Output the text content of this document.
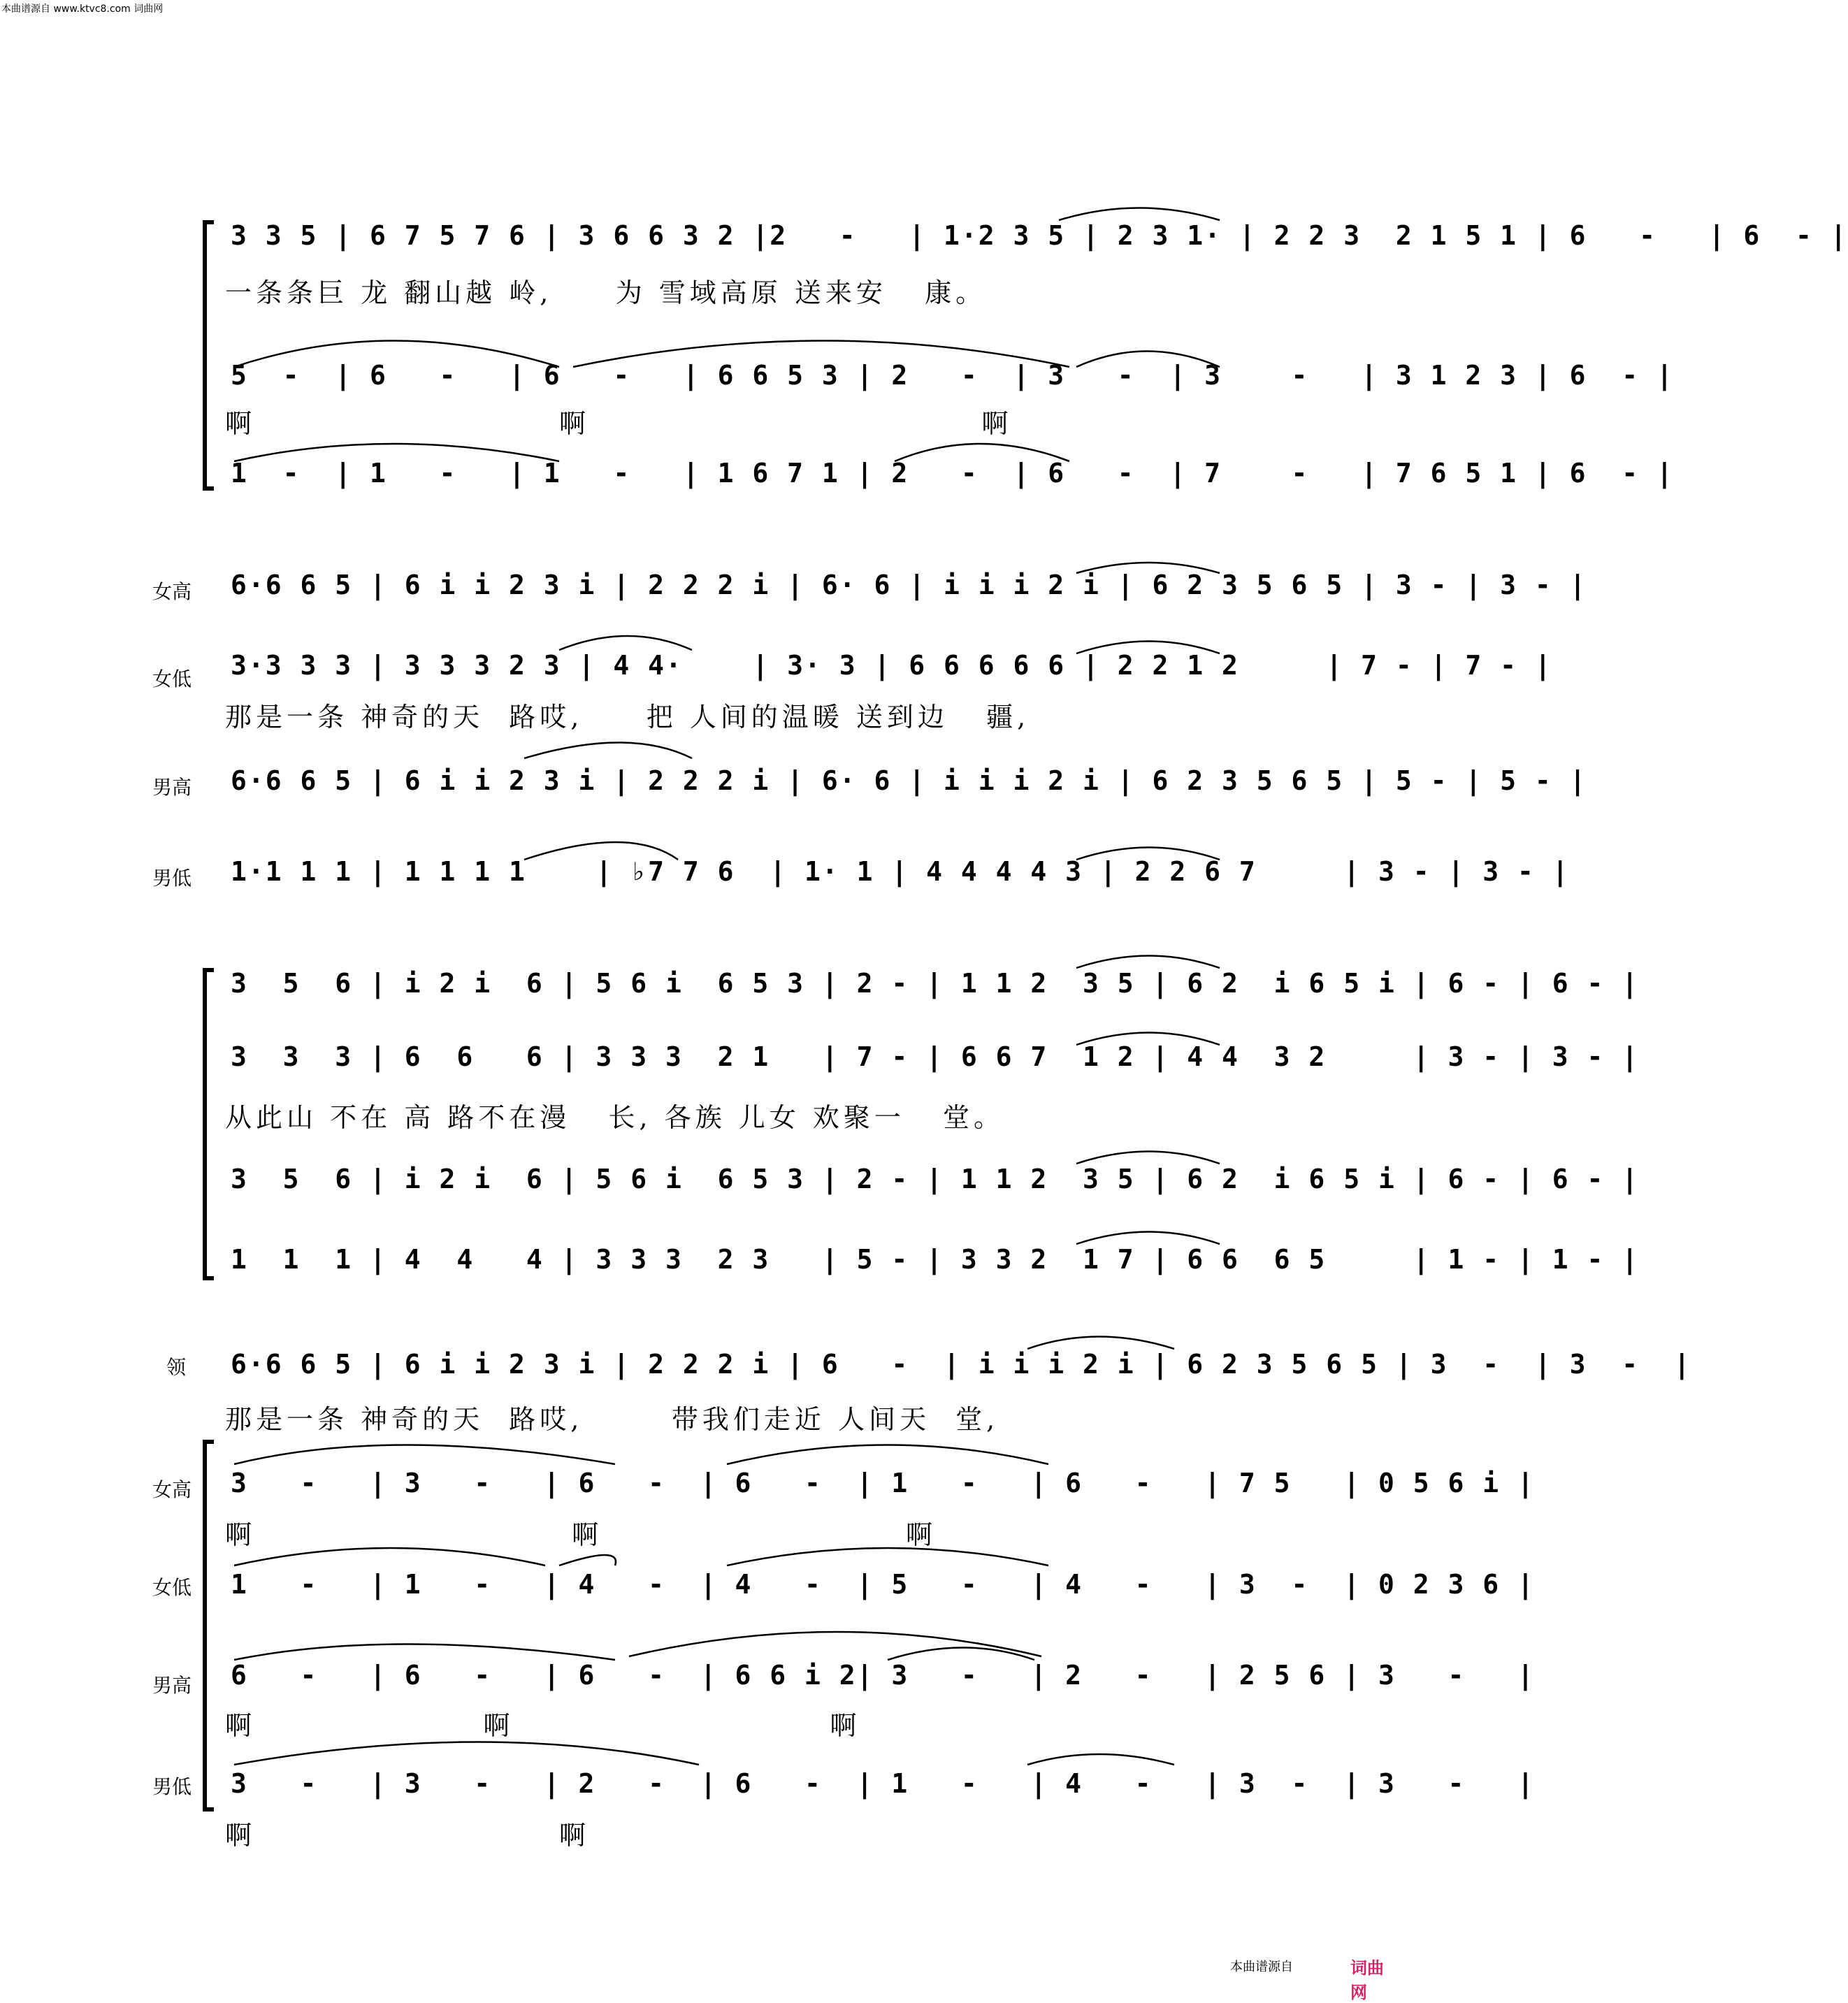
本曲谱源自 www.ktvc8.com 词曲网
3 3 5 | 6 7 5 7 6 | 3 6 6 3 2 |2   -   | 1·2 3 5 | 2 3 1· | 2 2 3  2 1 5 1 | 6   -   | 6  - |
一条条巨 龙 翻山越 岭,     为 雪域高原 送来安   康。
5  -  | 6   -   | 6   -   | 6 6 5 3 | 2   -  | 3   -  | 3    -   | 3 1 2 3 | 6  - |
啊                        啊                               啊
1  -  | 1   -   | 1   -   | 1 6 7 1 | 2   -  | 6   -  | 7    -   | 7 6 5 1 | 6  - |
女高
女低
男高
男低
6·6 6 5 | 6 i i 2 3 i | 2 2 2 i | 6· 6 | i i i 2 i | 6 2 3 5 6 5 | 3 - | 3 - |
3·3 3 3 | 3 3 3 2 3 | 4 4·    | 3· 3 | 6 6 6 6 6 | 2 2 1 2     | 7 - | 7 - |
那是一条 神奇的天  路哎,     把 人间的温暖 送到边   疆,
6·6 6 5 | 6 i i 2 3 i | 2 2 2 i | 6· 6 | i i i 2 i | 6 2 3 5 6 5 | 5 - | 5 - |
1·1 1 1 | 1 1 1 1    | ♭7 7 6  | 1· 1 | 4 4 4 4 3 | 2 2 6 7     | 3 - | 3 - |
3  5  6 | i 2 i  6 | 5 6 i  6 5 3 | 2 - | 1 1 2  3 5 | 6 2  i 6 5 i | 6 - | 6 - |
3  3  3 | 6  6   6 | 3 3 3  2 1   | 7 - | 6 6 7  1 2 | 4 4  3 2     | 3 - | 3 - |
从此山 不在 高 路不在漫   长, 各族 儿女 欢聚一   堂。
3  5  6 | i 2 i  6 | 5 6 i  6 5 3 | 2 - | 1 1 2  3 5 | 6 2  i 6 5 i | 6 - | 6 - |
1  1  1 | 4  4   4 | 3 3 3  2 3   | 5 - | 3 3 2  1 7 | 6 6  6 5     | 1 - | 1 - |
领
女高
女低
男高
男低
6·6 6 5 | 6 i i 2 3 i | 2 2 2 i | 6   -  | i i i 2 i | 6 2 3 5 6 5 | 3  -  | 3  -  |
那是一条 神奇的天  路哎,       带我们走近 人间天  堂,
3   -   | 3   -   | 6   -  | 6   -  | 1   -   | 6   -   | 7 5   | 0 5 6 i |
啊                         啊                        啊
1   -   | 1   -   | 4   -  | 4   -  | 5   -   | 4   -   | 3  -  | 0 2 3 6 |
6   -   | 6   -   | 6   -  | 6 6 i 2| 3   -   | 2   -   | 2 5 6 | 3   -   |
啊                  啊                         啊
3   -   | 3   -   | 2   -  | 6   -  | 1   -   | 4   -   | 3  -  | 3   -   |
啊                        啊
本曲谱源自	词曲网
